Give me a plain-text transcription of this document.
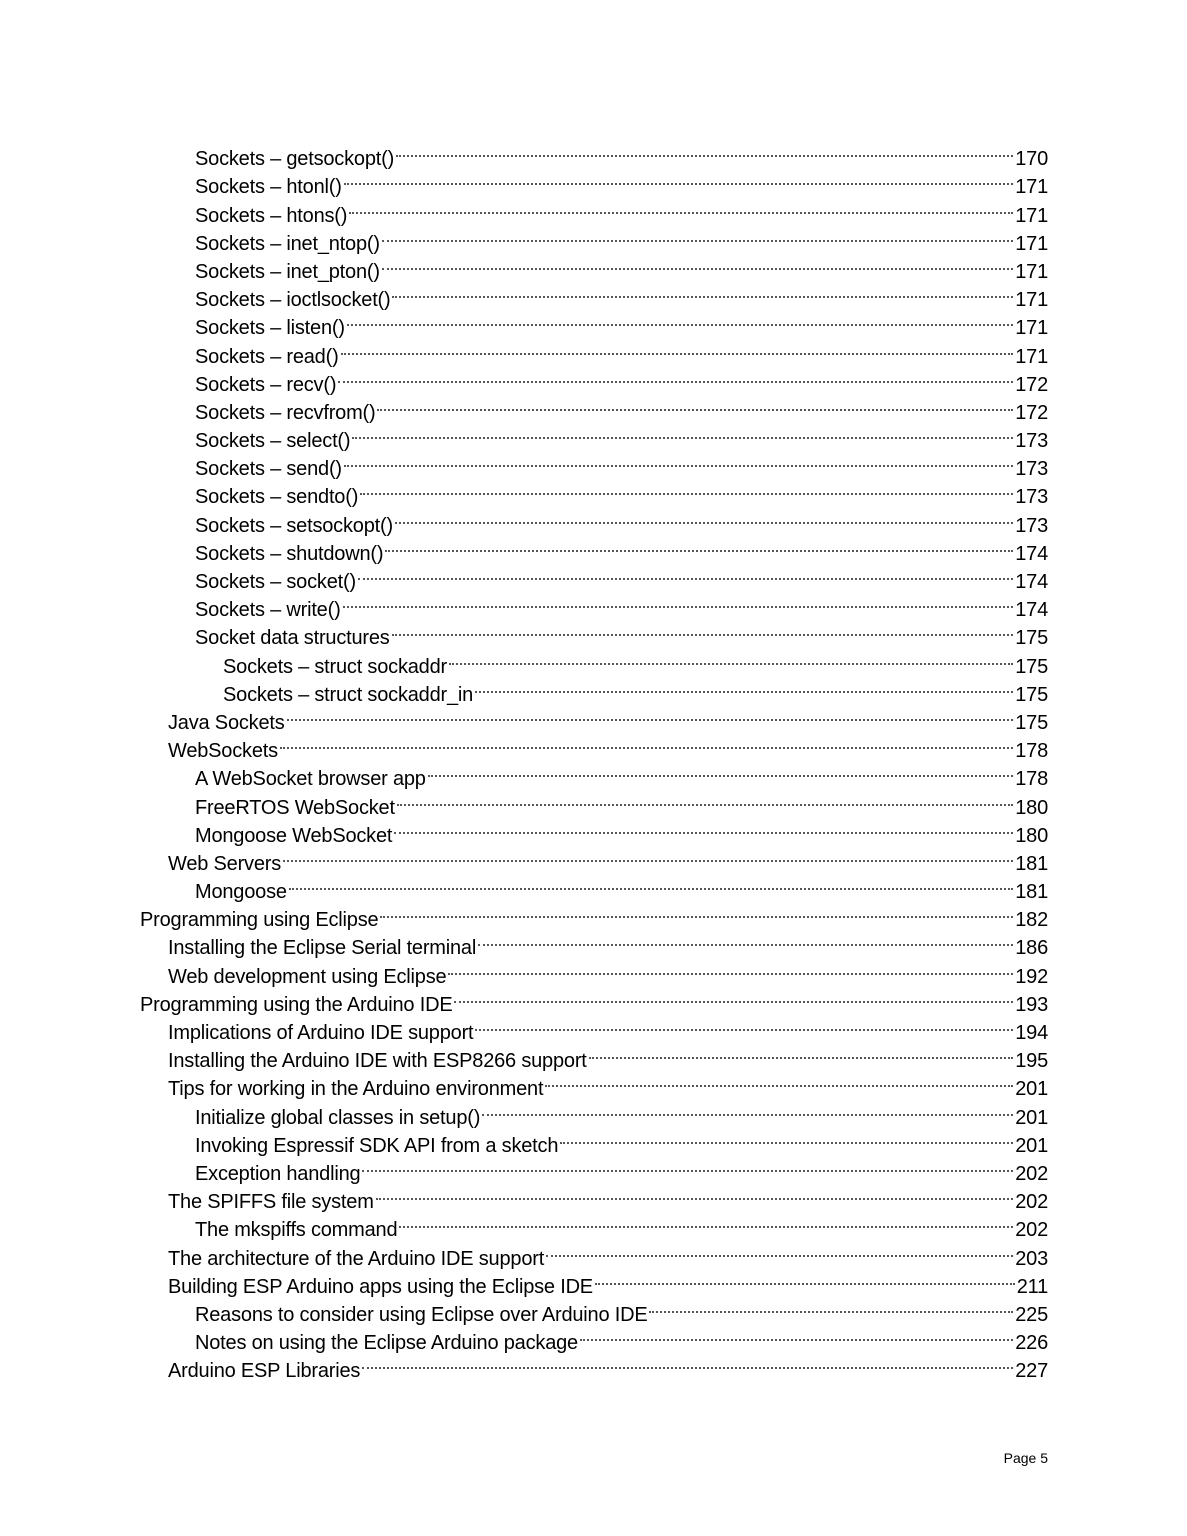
Sockets – getsockopt()	170
Sockets – htonl()	171
Sockets – htons()	171
Sockets – inet_ntop()	171
Sockets – inet_pton()	171
Sockets – ioctlsocket()	171
Sockets – listen()	171
Sockets – read()	171
Sockets – recv()	172
Sockets – recvfrom()	172
Sockets – select()	173
Sockets – send()	173
Sockets – sendto()	173
Sockets – setsockopt()	173
Sockets – shutdown()	174
Sockets – socket()	174
Sockets – write()	174
Socket data structures	175
Sockets – struct sockaddr	175
Sockets – struct sockaddr_in	175
Java Sockets	175
WebSockets	178
A WebSocket browser app	178
FreeRTOS WebSocket	180
Mongoose WebSocket	180
Web Servers	181
Mongoose	181
Programming using Eclipse	182
Installing the Eclipse Serial terminal	186
Web development using Eclipse	192
Programming using the Arduino IDE	193
Implications of Arduino IDE support	194
Installing the Arduino IDE with ESP8266 support	195
Tips for working in the Arduino environment	201
Initialize global classes in setup()	201
Invoking Espressif SDK API from a sketch	201
Exception handling	202
The SPIFFS file system	202
The mkspiffs command	202
The architecture of the Arduino IDE support	203
Building ESP Arduino apps using the Eclipse IDE	211
Reasons to consider using Eclipse over Arduino IDE	225
Notes on using the Eclipse Arduino package	226
Arduino ESP Libraries	227
Page 5
